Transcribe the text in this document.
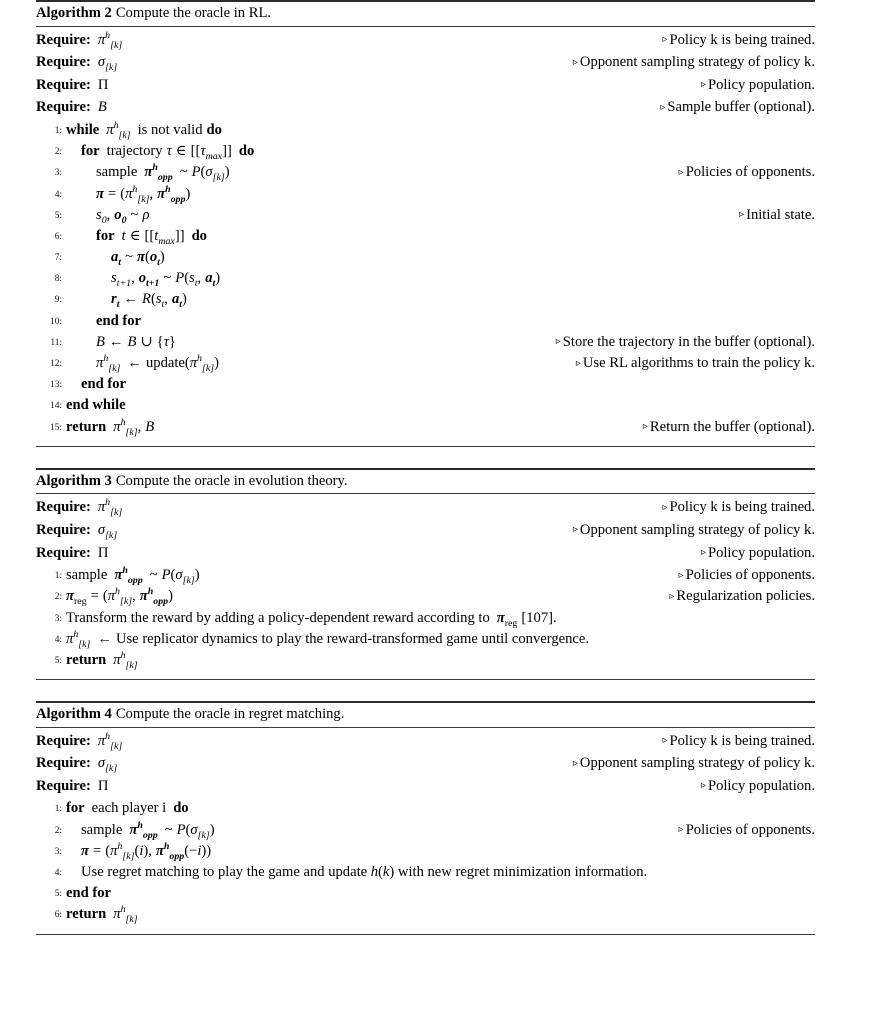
Algorithm 2 Compute the oracle in RL.
Require: $\pi^h_{[k]}$	▹ Policy k is being trained.
Require: $\sigma_{[k]}$	▹ Opponent sampling strategy of policy k.
Require: Π	▹ Policy population.
Require: B	▹ Sample buffer (optional).
1: while $\pi^h_{[k]}$ is not valid do
2:	for trajectory τ ∈ $[[\tau_{max}]]$ do
3:	sample $\pi^h_{opp}$ ~ $P(\sigma_{[k]})$	▹ Policies of opponents.
4:	$\pi = (\pi^h_{[k]}$, $\pi^h_{opp}$)
5:	$s_0$, $o_0$ ~ ρ	▹ Initial state.
6:	for t ∈ $[[t_{max}]]$ do
7:	$a_t$ ~ $\pi(o_t)$
8:	$s_{t+1}$, $o_{t+1}$ ~ $P(s_t$, $a_t$)
9:	$r_t$ ← $R(s_t$, $a_t$)
10:	end for
11:	B ← B ∪ {τ}	▹ Store the trajectory in the buffer (optional).
12:	$\pi^h_{[k]}$ ← $update(\pi^h_{[k]})$	▹ Use RL algorithms to train the policy k.
13:	end for
14: end while
15: return $\pi^h_{[k]}$, B	▹ Return the buffer (optional).
Algorithm 3 Compute the oracle in evolution theory.
Require: $\pi^h_{[k]}$	▹ Policy k is being trained.
Require: $\sigma_{[k]}$	▹ Opponent sampling strategy of policy k.
Require: Π	▹ Policy population.
1: sample $\pi^h_{opp}$ ~ $P(\sigma_{[k]})$	▹ Policies of opponents.
2: $\pi_{reg} = (\pi^h_{[k]}$, $\pi^h_{opp}$)	▹ Regularization policies.
3: Transform the reward by adding a policy-dependent reward according to $\pi_{reg}$ [107].
4: $\pi^h_{[k]}$ ← Use replicator dynamics to play the reward-transformed game until convergence.
5: return $\pi^h_{[k]}$
Algorithm 4 Compute the oracle in regret matching.
Require: $\pi^h_{[k]}$	▹ Policy k is being trained.
Require: $\sigma_{[k]}$	▹ Opponent sampling strategy of policy k.
Require: Π	▹ Policy population.
1: for each player i do
2:	sample $\pi^h_{opp}$ ~ $P(\sigma_{[k]})$	▹ Policies of opponents.
3:	$\pi = (\pi^h_{[k]}(i)$, $\pi^h_{opp}(-i)$)
4:	Use regret matching to play the game and update h(k) with new regret minimization information.
5: end for
6: return $\pi^h_{[k]}$
